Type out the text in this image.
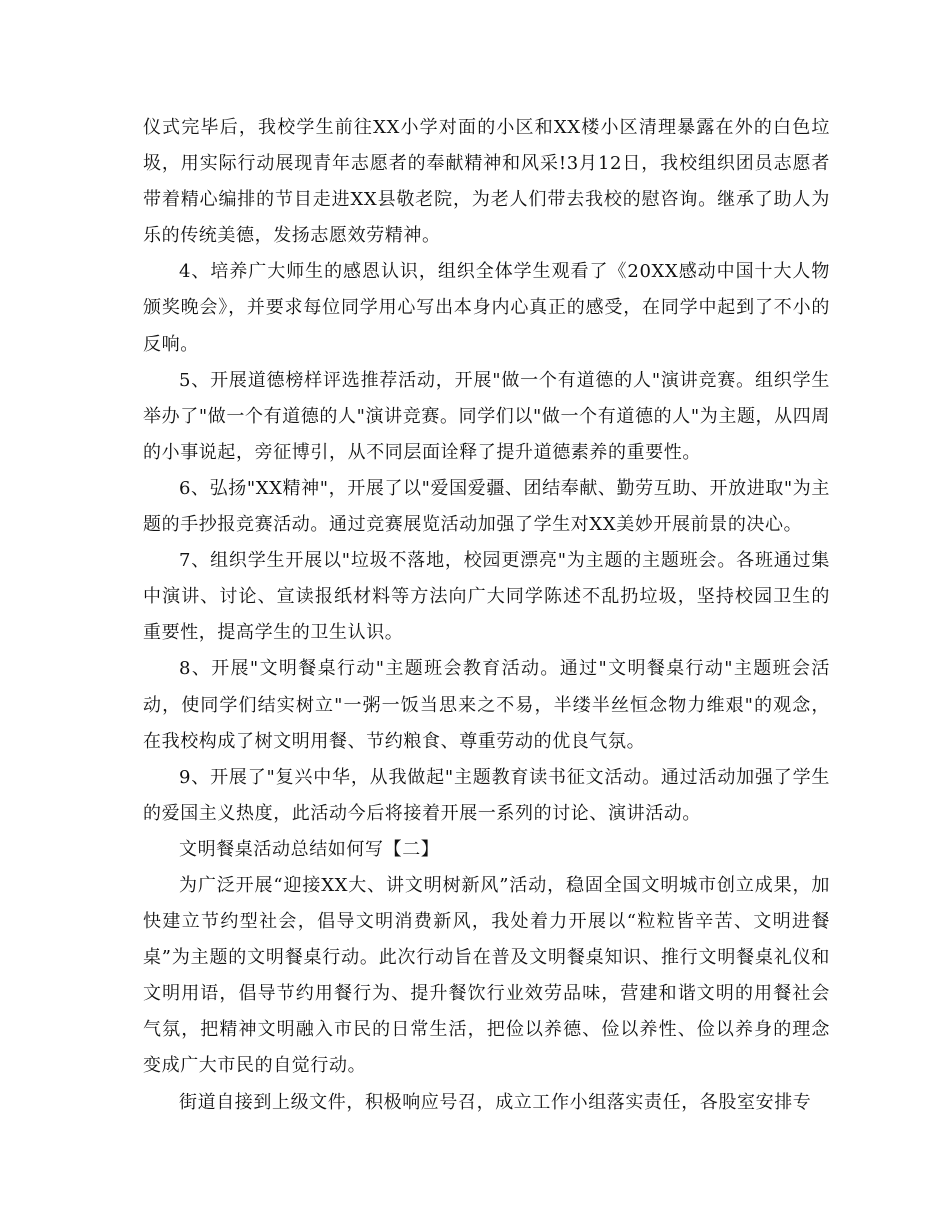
仪式完毕后，我校学生前往XX小学对面的小区和XX楼小区清理暴露在外的白色垃圾，用实际行动展现青年志愿者的奉献精神和风采!3月12日，我校组织团员志愿者带着精心编排的节目走进XX县敬老院，为老人们带去我校的慰咨询。继承了助人为乐的传统美德，发扬志愿效劳精神。

4、培养广大师生的感恩认识，组织全体学生观看了《20XX感动中国十大人物颁奖晚会》，并要求每位同学用心写出本身内心真正的感受，在同学中起到了不小的反响。

5、开展道德榜样评选推荐活动，开展"做一个有道德的人"演讲竞赛。组织学生举办了"做一个有道德的人"演讲竞赛。同学们以"做一个有道德的人"为主题，从四周的小事说起，旁征博引，从不同层面诠释了提升道德素养的重要性。

6、弘扬"XX精神"，开展了以"爱国爱疆、团结奉献、勤劳互助、开放进取"为主题的手抄报竞赛活动。通过竞赛展览活动加强了学生对XX美妙开展前景的决心。

7、组织学生开展以"垃圾不落地，校园更漂亮"为主题的主题班会。各班通过集中演讲、讨论、宣读报纸材料等方法向广大同学陈述不乱扔垃圾，坚持校园卫生的重要性，提高学生的卫生认识。

8、开展"文明餐桌行动"主题班会教育活动。通过"文明餐桌行动"主题班会活动，使同学们结实树立"一粥一饭当思来之不易，半缕半丝恒念物力维艰"的观念，在我校构成了树文明用餐、节约粮食、尊重劳动的优良气氛。

9、开展了"复兴中华，从我做起"主题教育读书征文活动。通过活动加强了学生的爱国主义热度，此活动今后将接着开展一系列的讨论、演讲活动。

文明餐桌活动总结如何写【二】

为广泛开展“迎接XX大、讲文明树新风”活动，稳固全国文明城市创立成果，加快建立节约型社会，倡导文明消费新风，我处着力开展以“粒粒皆辛苦、文明进餐桌”为主题的文明餐桌行动。此次行动旨在普及文明餐桌知识、推行文明餐桌礼仪和文明用语，倡导节约用餐行为、提升餐饮行业效劳品味，营建和谐文明的用餐社会气氛，把精神文明融入市民的日常生活，把俭以养德、俭以养性、俭以养身的理念变成广大市民的自觉行动。

街道自接到上级文件，积极响应号召，成立工作小组落实责任，各股室安排专
